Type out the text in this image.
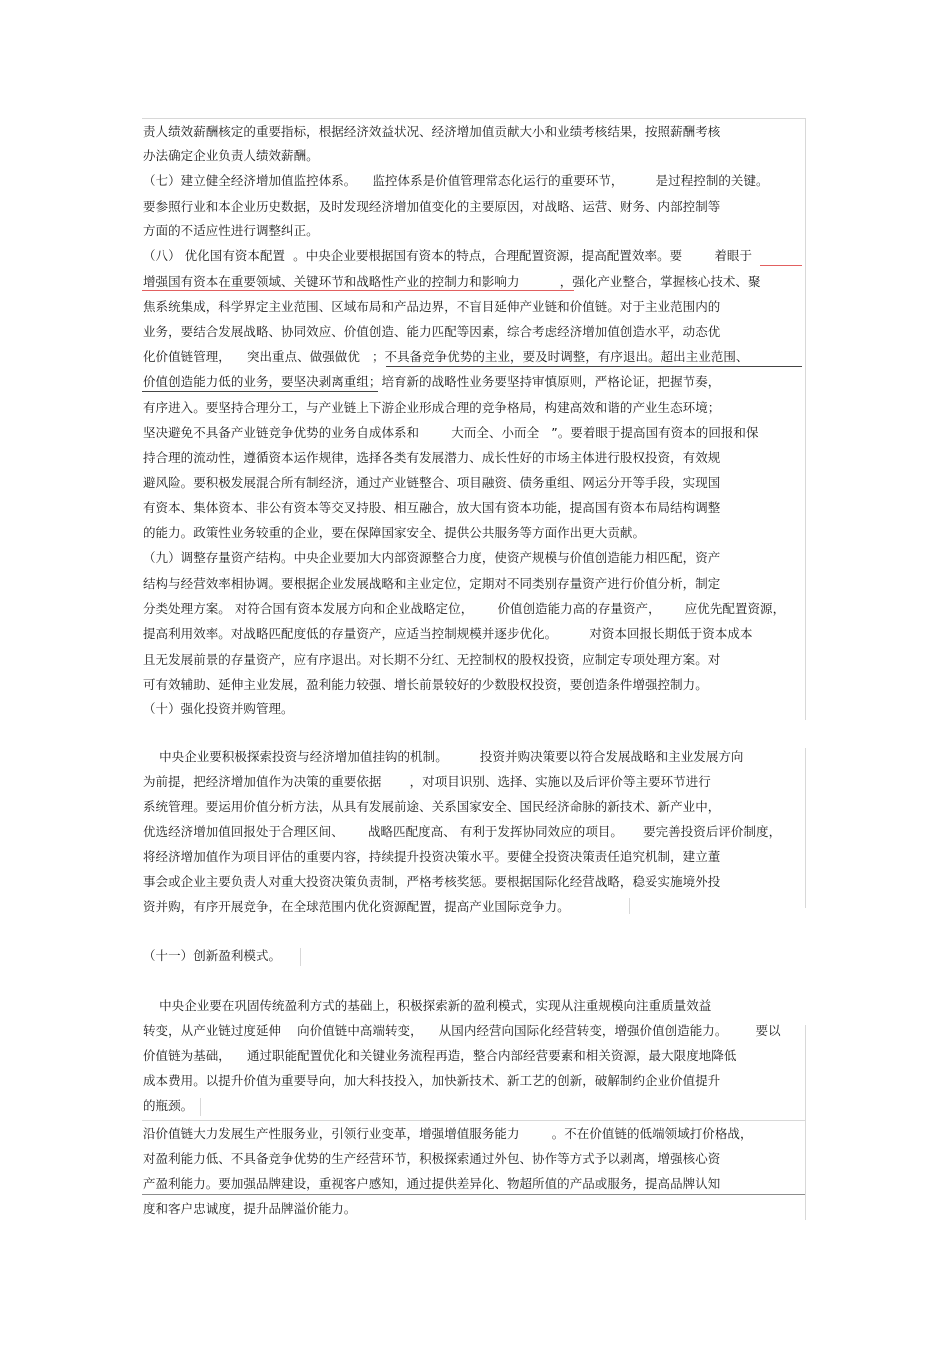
责人绩效薪酬核定的重要指标，根据经济效益状况、经济增加值贡献大小和业绩考核结果，按照薪酬考核
办法确定企业负责人绩效薪酬。
（七）建立健全经济增加值监控体系。    监控体系是价值管理常态化运行的重要环节，        是过程控制的关键。
要参照行业和本企业历史数据，及时发现经济增加值变化的主要原因，对战略、运营、财务、内部控制等
方面的不适应性进行调整纠正。
（八） 优化国有资本配置  。中央企业要根据国有资本的特点，合理配置资源，提高配置效率。要        着眼于
增强国有资本在重要领域、关键环节和战略性产业的控制力和影响力          ，强化产业整合，掌握核心技术、聚
焦系统集成，科学界定主业范围、区域布局和产品边界，不盲目延伸产业链和价值链。对于主业范围内的
业务，要结合发展战略、协同效应、价值创造、能力匹配等因素，综合考虑经济增加值创造水平，动态优
化价值链管理，    突出重点、做强做优   ；不具备竞争优势的主业，要及时调整，有序退出。超出主业范围、
价值创造能力低的业务，要坚决剥离重组；培育新的战略性业务要坚持审慎原则，严格论证，把握节奏，
有序进入。要坚持合理分工，与产业链上下游企业形成合理的竞争格局，构建高效和谐的产业生态环境；
坚决避免不具备产业链竞争优势的业务自成体系和        大而全、小而全   ”。要着眼于提高国有资本的回报和保
持合理的流动性，遵循资本运作规律，选择各类有发展潜力、成长性好的市场主体进行股权投资，有效规
避风险。要积极发展混合所有制经济，通过产业链整合、项目融资、债务重组、网运分开等手段，实现国
有资本、集体资本、非公有资本等交叉持股、相互融合，放大国有资本功能，提高国有资本布局结构调整
的能力。政策性业务较重的企业，要在保障国家安全、提供公共服务等方面作出更大贡献。
（九）调整存量资产结构。中央企业要加大内部资源整合力度，使资产规模与价值创造能力相匹配，资产
结构与经营效率相协调。要根据企业发展战略和主业定位，定期对不同类别存量资产进行价值分析，制定
分类处理方案。 对符合国有资本发展方向和企业战略定位，      价值创造能力高的存量资产，      应优先配置资源，
提高利用效率。对战略匹配度低的存量资产，应适当控制规模并逐步优化。        对资本回报长期低于资本成本
且无发展前景的存量资产，应有序退出。对长期不分红、无控制权的股权投资，应制定专项处理方案。对
可有效辅助、延伸主业发展，盈利能力较强、增长前景较好的少数股权投资，要创造条件增强控制力。
（十）强化投资并购管理。
中央企业要积极探索投资与经济增加值挂钩的机制。        投资并购决策要以符合发展战略和主业发展方向
为前提，把经济增加值作为决策的重要依据       ，对项目识别、选择、实施以及后评价等主要环节进行
系统管理。要运用价值分析方法，从具有发展前途、关系国家安全、国民经济命脉的新技术、新产业中，
优选经济增加值回报处于合理区间、      战略匹配度高、 有利于发挥协同效应的项目。     要完善投资后评价制度，
将经济增加值作为项目评估的重要内容，持续提升投资决策水平。要健全投资决策责任追究机制，建立董
事会或企业主要负责人对重大投资决策负责制，严格考核奖惩。要根据国际化经营战略，稳妥实施境外投
资并购，有序开展竞争，在全球范围内优化资源配置，提高产业国际竞争力。
（十一）创新盈利模式。
中央企业要在巩固传统盈利方式的基础上，积极探索新的盈利模式，实现从注重规模向注重质量效益
转变，从产业链过度延伸    向价值链中高端转变，    从国内经营向国际化经营转变，增强价值创造能力。       要以
价值链为基础，    通过职能配置优化和关键业务流程再造，整合内部经营要素和相关资源，最大限度地降低
成本费用。以提升价值为重要导向，加大科技投入，加快新技术、新工艺的创新，破解制约企业价值提升
的瓶颈。
沿价值链大力发展生产性服务业，引领行业变革，增强增值服务能力        。不在价值链的低端领域打价格战，
对盈利能力低、不具备竞争优势的生产经营环节，积极探索通过外包、协作等方式予以剥离，增强核心资
产盈利能力。要加强品牌建设，重视客户感知，通过提供差异化、物超所值的产品或服务，提高品牌认知
度和客户忠诚度，提升品牌溢价能力。
